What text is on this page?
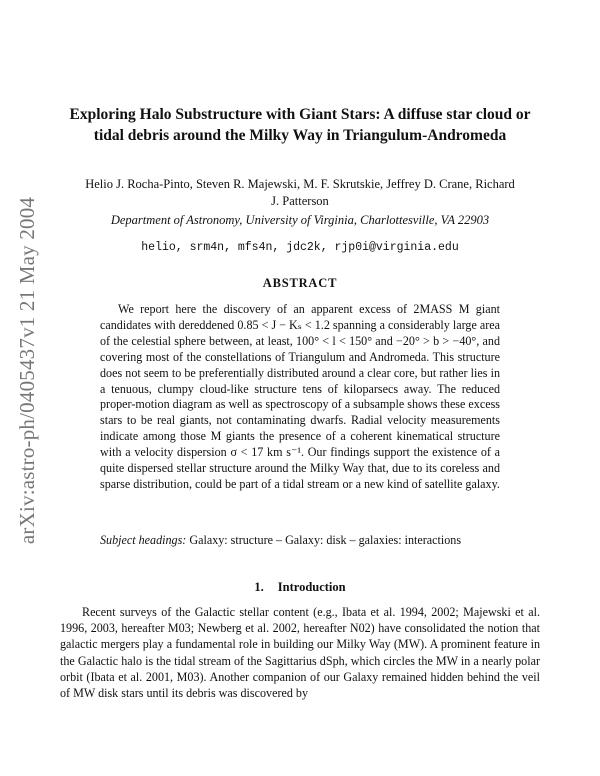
arXiv:astro-ph/0405437v1 21 May 2004
Exploring Halo Substructure with Giant Stars: A diffuse star cloud or tidal debris around the Milky Way in Triangulum-Andromeda
Helio J. Rocha-Pinto, Steven R. Majewski, M. F. Skrutskie, Jeffrey D. Crane, Richard J. Patterson
Department of Astronomy, University of Virginia, Charlottesville, VA 22903
helio, srm4n, mfs4n, jdc2k, rjp0i@virginia.edu
ABSTRACT
We report here the discovery of an apparent excess of 2MASS M giant candidates with dereddened 0.85 < J − Kₛ < 1.2 spanning a considerably large area of the celestial sphere between, at least, 100° < l < 150° and −20° > b > −40°, and covering most of the constellations of Triangulum and Andromeda. This structure does not seem to be preferentially distributed around a clear core, but rather lies in a tenuous, clumpy cloud-like structure tens of kiloparsecs away. The reduced proper-motion diagram as well as spectroscopy of a subsample shows these excess stars to be real giants, not contaminating dwarfs. Radial velocity measurements indicate among those M giants the presence of a coherent kinematical structure with a velocity dispersion σ < 17 km s⁻¹. Our findings support the existence of a quite dispersed stellar structure around the Milky Way that, due to its coreless and sparse distribution, could be part of a tidal stream or a new kind of satellite galaxy.
Subject headings: Galaxy: structure – Galaxy: disk – galaxies: interactions
1. Introduction
Recent surveys of the Galactic stellar content (e.g., Ibata et al. 1994, 2002; Majewski et al. 1996, 2003, hereafter M03; Newberg et al. 2002, hereafter N02) have consolidated the notion that galactic mergers play a fundamental role in building our Milky Way (MW). A prominent feature in the Galactic halo is the tidal stream of the Sagittarius dSph, which circles the MW in a nearly polar orbit (Ibata et al. 2001, M03). Another companion of our Galaxy remained hidden behind the veil of MW disk stars until its debris was discovered by
